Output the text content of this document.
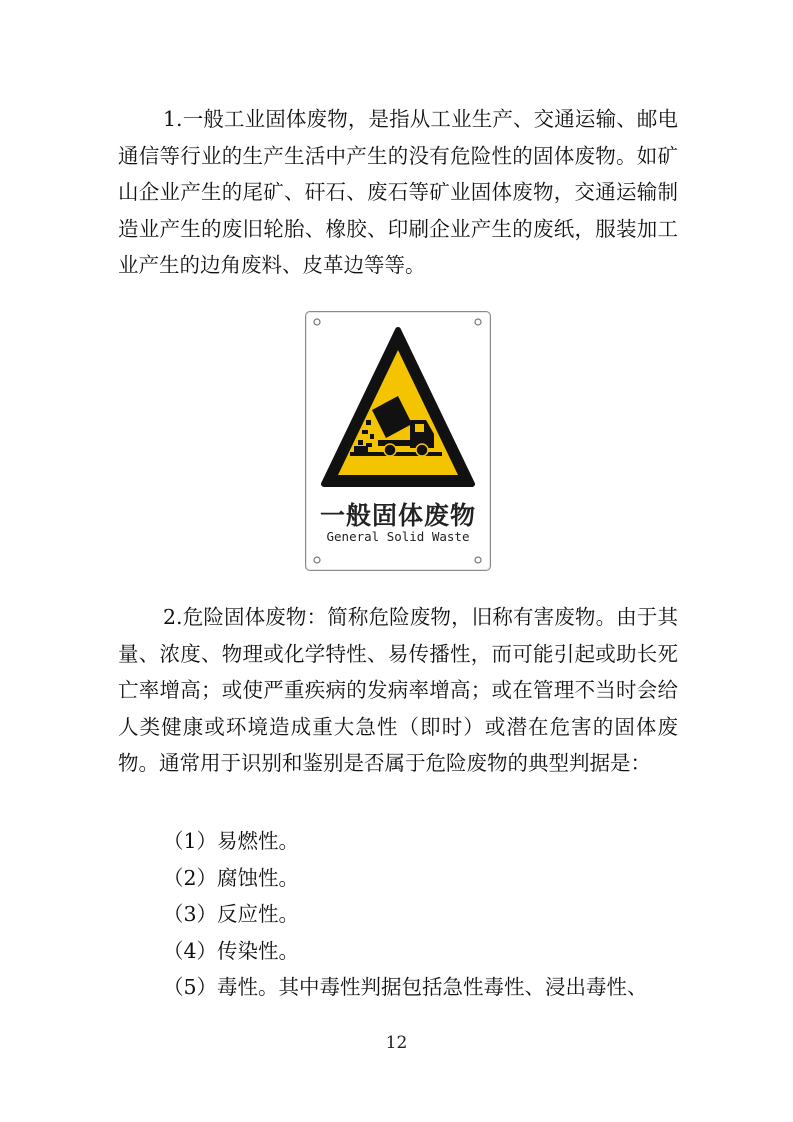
1.一般工业固体废物，是指从工业生产、交通运输、邮电通信等行业的生产生活中产生的没有危险性的固体废物。如矿山企业产生的尾矿、矸石、废石等矿业固体废物，交通运输制造业产生的废旧轮胎、橡胶、印刷企业产生的废纸，服装加工业产生的边角废料、皮革边等等。

一般固体废物
General Solid Waste

2.危险固体废物：简称危险废物，旧称有害废物。由于其量、浓度、物理或化学特性、易传播性，而可能引起或助长死亡率增高；或使严重疾病的发病率增高；或在管理不当时会给人类健康或环境造成重大急性（即时）或潜在危害的固体废物。通常用于识别和鉴别是否属于危险废物的典型判据是：

（1）易燃性。

（2）腐蚀性。

（3）反应性。

（4）传染性。

（5）毒性。其中毒性判据包括急性毒性、浸出毒性、

12
